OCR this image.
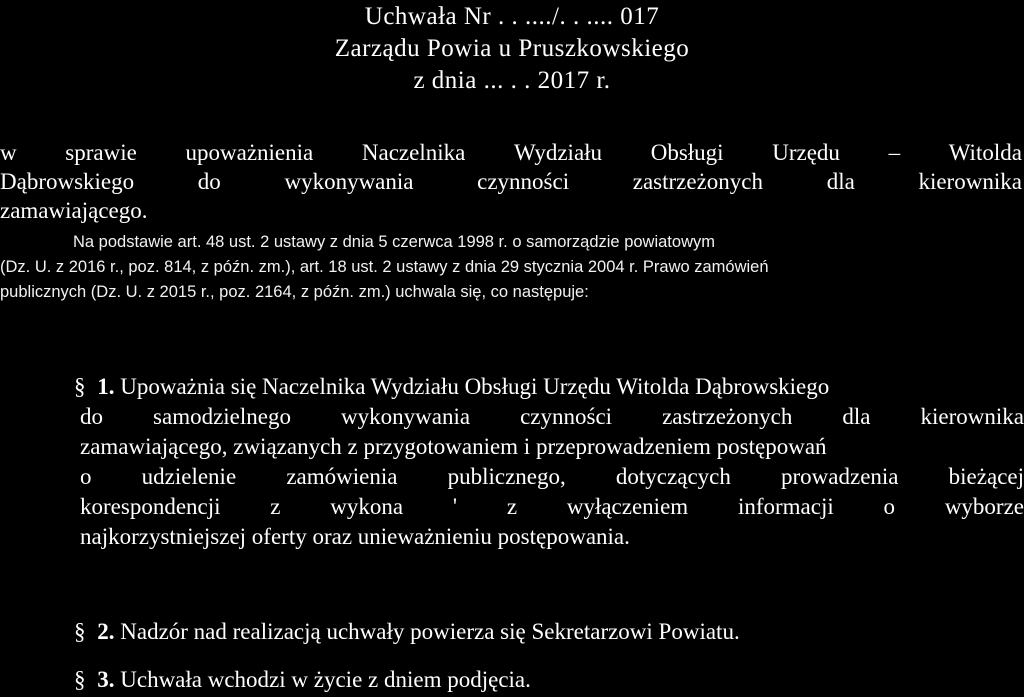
Uchwała Nr . . ..../. . .... 017
Zarządu Powia u Pruszkowskiego
z dnia ... . . 2017 r.
w sprawie upoważnienia Naczelnika Wydziału Obsługi Urzędu – Witolda
Dąbrowskiego	do	wykonywania	czynności	zastrzeżonych	dla	kierownika
zamawiającego.
Na podstawie art. 48 ust. 2 ustawy z dnia 5 czerwca 1998 r. o samorządzie powiatowym
(Dz. U. z 2016 r., poz. 814, z późn. zm.), art. 18 ust. 2 ustawy z dnia 29 stycznia 2004 r. Prawo zamówień
publicznych (Dz. U. z 2015 r., poz. 2164, z późn. zm.) uchwala się, co następuje:
§ 1. Upoważnia się Naczelnika Wydziału Obsługi Urzędu Witolda Dąbrowskiego
do samodzielnego wykonywania czynności zastrzeżonych dla kierownika
zamawiającego, związanych z przygotowaniem i przeprowadzeniem postępowań
o udzielenie zamówienia publicznego, dotyczących prowadzenia bieżącej
korespondencji z wykona ' z wyłączeniem informacji o wyborze
najkorzystniejszej oferty oraz unieważnieniu postępowania.
§ 2. Nadzór nad realizacją uchwały powierza się Sekretarzowi Powiatu.
§ 3. Uchwała wchodzi w życie z dniem podjęcia.
